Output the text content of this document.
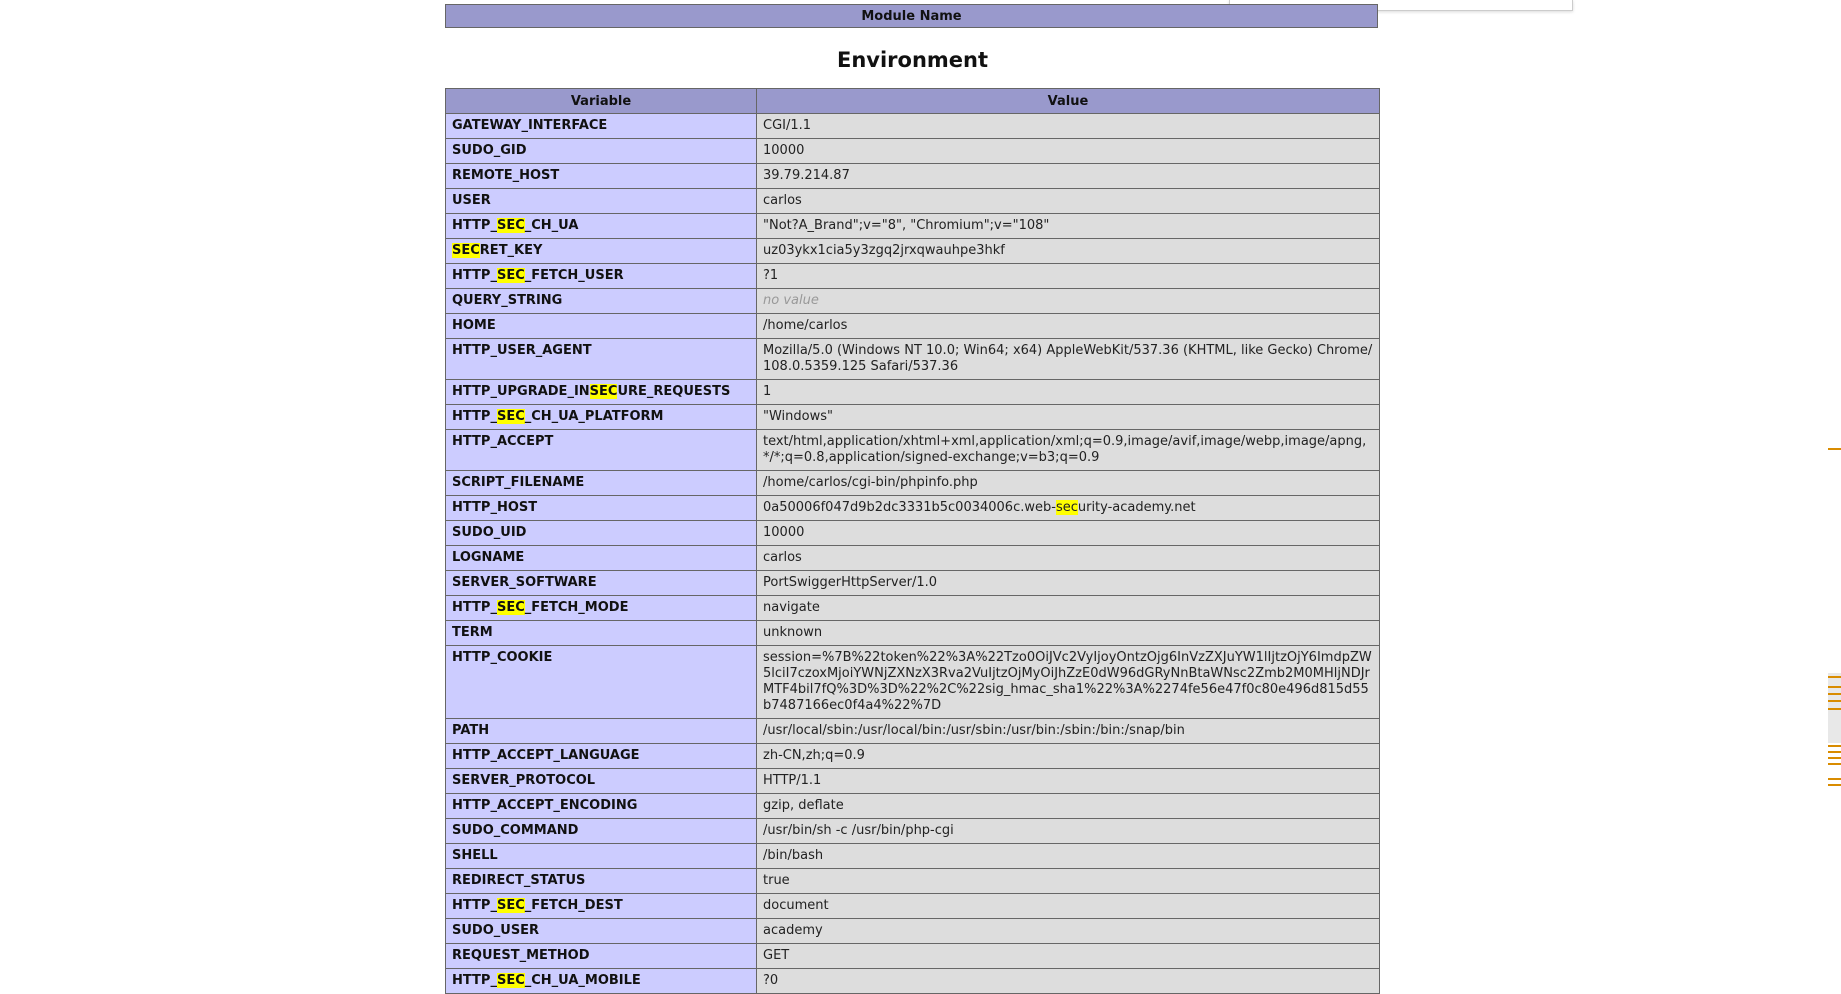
Module Name
Environment
Variable	Value
GATEWAY_INTERFACE	CGI/1.1
SUDO_GID	10000
REMOTE_HOST	39.79.214.87
USER	carlos
HTTP_SEC_CH_UA	"Not?A_Brand";v="8", "Chromium";v="108"
SECRET_KEY	uz03ykx1cia5y3zgq2jrxqwauhpe3hkf
HTTP_SEC_FETCH_USER	?1
QUERY_STRING	no value
HOME	/home/carlos
HTTP_USER_AGENT	Mozilla/5.0 (Windows NT 10.0; Win64; x64) AppleWebKit/537.36 (KHTML, like Gecko) Chrome/108.0.5359.125 Safari/537.36
HTTP_UPGRADE_INSECURE_REQUESTS	1
HTTP_SEC_CH_UA_PLATFORM	"Windows"
HTTP_ACCEPT	text/html,application/xhtml+xml,application/xml;q=0.9,image/avif,image/webp,image/apng,*/*;q=0.8,application/signed-exchange;v=b3;q=0.9
SCRIPT_FILENAME	/home/carlos/cgi-bin/phpinfo.php
HTTP_HOST	0a50006f047d9b2dc3331b5c0034006c.web-security-academy.net
SUDO_UID	10000
LOGNAME	carlos
SERVER_SOFTWARE	PortSwiggerHttpServer/1.0
HTTP_SEC_FETCH_MODE	navigate
TERM	unknown
HTTP_COOKIE	session=%7B%22token%22%3A%22Tzo0OiJVc2VyIjoyOntzOjg6InVzZXJuYW1lIjtzOjY6ImdpZW5lciI7czoxMjoiYWNjZXNzX3Rva2VuIjtzOjMyOiJhZzE0dW96dGRyNnBtaWNsc2Zmb2M0MHljNDJrMTF4bil7fQ%3D%3D%22%2C%22sig_hmac_sha1%22%3A%2274fe56e47f0c80e496d815d55b7487166ec0f4a4%22%7D
PATH	/usr/local/sbin:/usr/local/bin:/usr/sbin:/usr/bin:/sbin:/bin:/snap/bin
HTTP_ACCEPT_LANGUAGE	zh-CN,zh;q=0.9
SERVER_PROTOCOL	HTTP/1.1
HTTP_ACCEPT_ENCODING	gzip, deflate
SUDO_COMMAND	/usr/bin/sh -c /usr/bin/php-cgi
SHELL	/bin/bash
REDIRECT_STATUS	true
HTTP_SEC_FETCH_DEST	document
SUDO_USER	academy
REQUEST_METHOD	GET
HTTP_SEC_CH_UA_MOBILE	?0
